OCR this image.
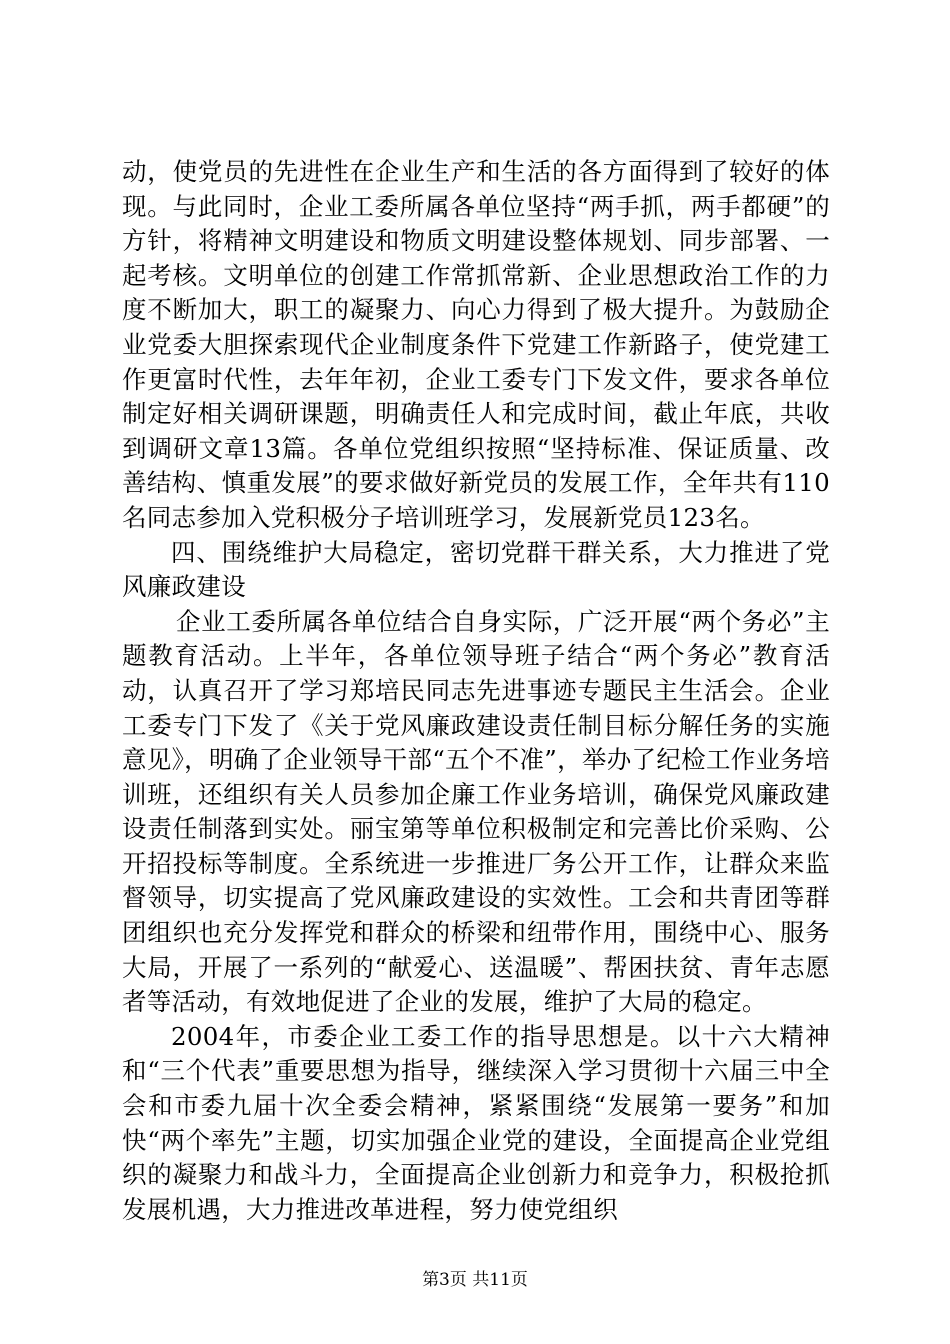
动，使党员的先进性在企业生产和生活的各方面得到了较好的体现。与此同时，企业工委所属各单位坚持“两手抓，两手都硬”的方针，将精神文明建设和物质文明建设整体规划、同步部署、一起考核。文明单位的创建工作常抓常新、企业思想政治工作的力度不断加大，职工的凝聚力、向心力得到了极大提升。为鼓励企业党委大胆探索现代企业制度条件下党建工作新路子，使党建工作更富时代性，去年年初，企业工委专门下发文件，要求各单位制定好相关调研课题，明确责任人和完成时间，截止年底，共收到调研文章13篇。各单位党组织按照“坚持标准、保证质量、改善结构、慎重发展”的要求做好新党员的发展工作，全年共有110名同志参加入党积极分子培训班学习，发展新党员123名。

四、围绕维护大局稳定，密切党群干群关系，大力推进了党风廉政建设

企业工委所属各单位结合自身实际，广泛开展“两个务必”主题教育活动。上半年，各单位领导班子结合“两个务必”教育活动，认真召开了学习郑培民同志先进事迹专题民主生活会。企业工委专门下发了《关于党风廉政建设责任制目标分解任务的实施意见》，明确了企业领导干部“五个不准”，举办了纪检工作业务培训班，还组织有关人员参加企廉工作业务培训，确保党风廉政建设责任制落到实处。丽宝第等单位积极制定和完善比价采购、公开招投标等制度。全系统进一步推进厂务公开工作，让群众来监督领导，切实提高了党风廉政建设的实效性。工会和共青团等群团组织也充分发挥党和群众的桥梁和纽带作用，围绕中心、服务大局，开展了一系列的“献爱心、送温暖”、帮困扶贫、青年志愿者等活动，有效地促进了企业的发展，维护了大局的稳定。

2004年，市委企业工委工作的指导思想是。以十六大精神和“三个代表”重要思想为指导，继续深入学习贯彻十六届三中全会和市委九届十次全委会精神，紧紧围绕“发展第一要务”和加快“两个率先”主题，切实加强企业党的建设，全面提高企业党组织的凝聚力和战斗力，全面提高企业创新力和竞争力，积极抢抓发展机遇，大力推进改革进程，努力使党组织

第3页 共11页
